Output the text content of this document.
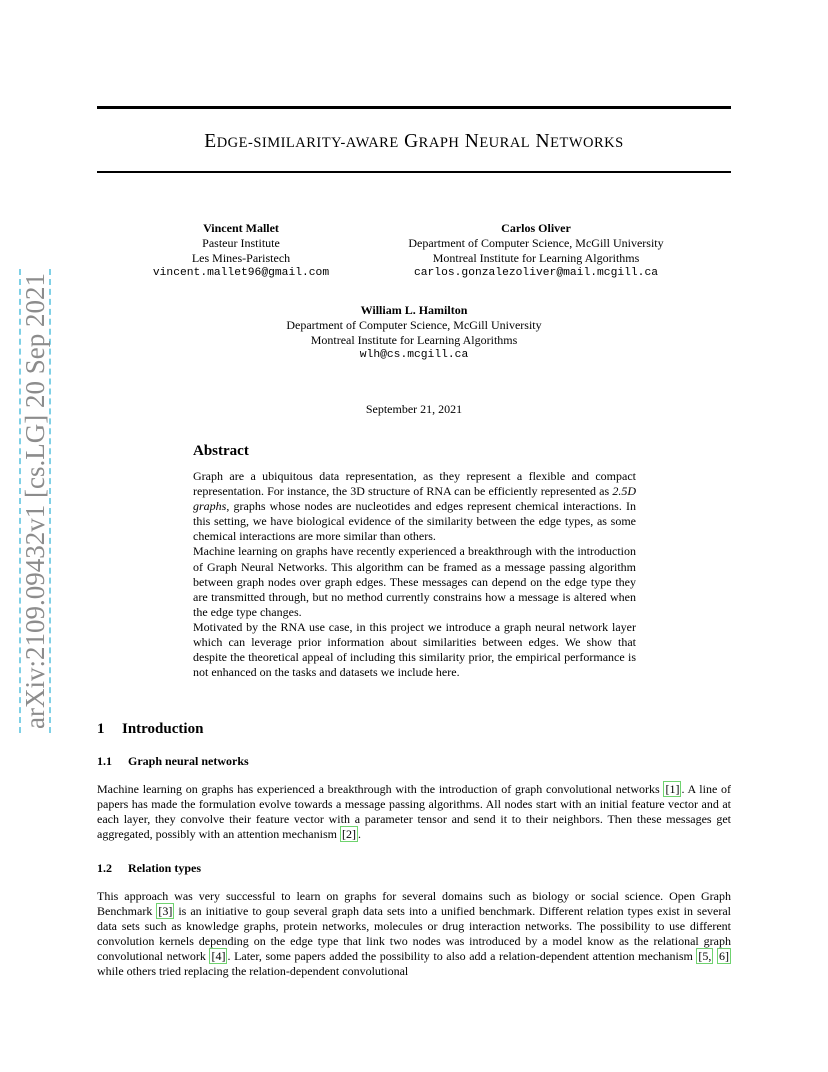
arXiv:2109.09432v1 [cs.LG] 20 Sep 2021
EDGE-SIMILARITY-AWARE GRAPH NEURAL NETWORKS
Vincent Mallet
Pasteur Institute
Les Mines-Paristech
vincent.mallet96@gmail.com
Carlos Oliver
Department of Computer Science, McGill University
Montreal Institute for Learning Algorithms
carlos.gonzalezoliver@mail.mcgill.ca
William L. Hamilton
Department of Computer Science, McGill University
Montreal Institute for Learning Algorithms
wlh@cs.mcgill.ca
September 21, 2021
Abstract

Graph are a ubiquitous data representation, as they represent a flexible and compact representation. For instance, the 3D structure of RNA can be efficiently represented as 2.5D graphs, graphs whose nodes are nucleotides and edges represent chemical interactions. In this setting, we have biological evidence of the similarity between the edge types, as some chemical interactions are more similar than others.

Machine learning on graphs have recently experienced a breakthrough with the introduction of Graph Neural Networks. This algorithm can be framed as a message passing algorithm between graph nodes over graph edges. These messages can depend on the edge type they are transmitted through, but no method currently constrains how a message is altered when the edge type changes.

Motivated by the RNA use case, in this project we introduce a graph neural network layer which can leverage prior information about similarities between edges. We show that despite the theoretical appeal of including this similarity prior, the empirical performance is not enhanced on the tasks and datasets we include here.

1 Introduction
1.1 Graph neural networks

Machine learning on graphs has experienced a breakthrough with the introduction of graph convolutional networks [1] . A line of papers has made the formulation evolve towards a message passing algorithms. All nodes start with an initial feature vector and at each layer, they convolve their feature vector with a parameter tensor and send it to their neighbors. Then these messages get aggregated, possibly with an attention mechanism [2] .

1.2 Relation types

This approach was very successful to learn on graphs for several domains such as biology or social science. Open Graph Benchmark [3] is an initiative to goup several graph data sets into a unified benchmark. Different relation types exist in several data sets such as knowledge graphs, protein networks, molecules or drug interaction networks. The possibility to use different convolution kernels depending on the edge type that link two nodes was introduced by a model know as the relational graph convolutional network [4] . Later, some papers added the possibility to also add a relation-dependent attention mechanism [5, 6] while others tried replacing the relation-dependent convolutional
